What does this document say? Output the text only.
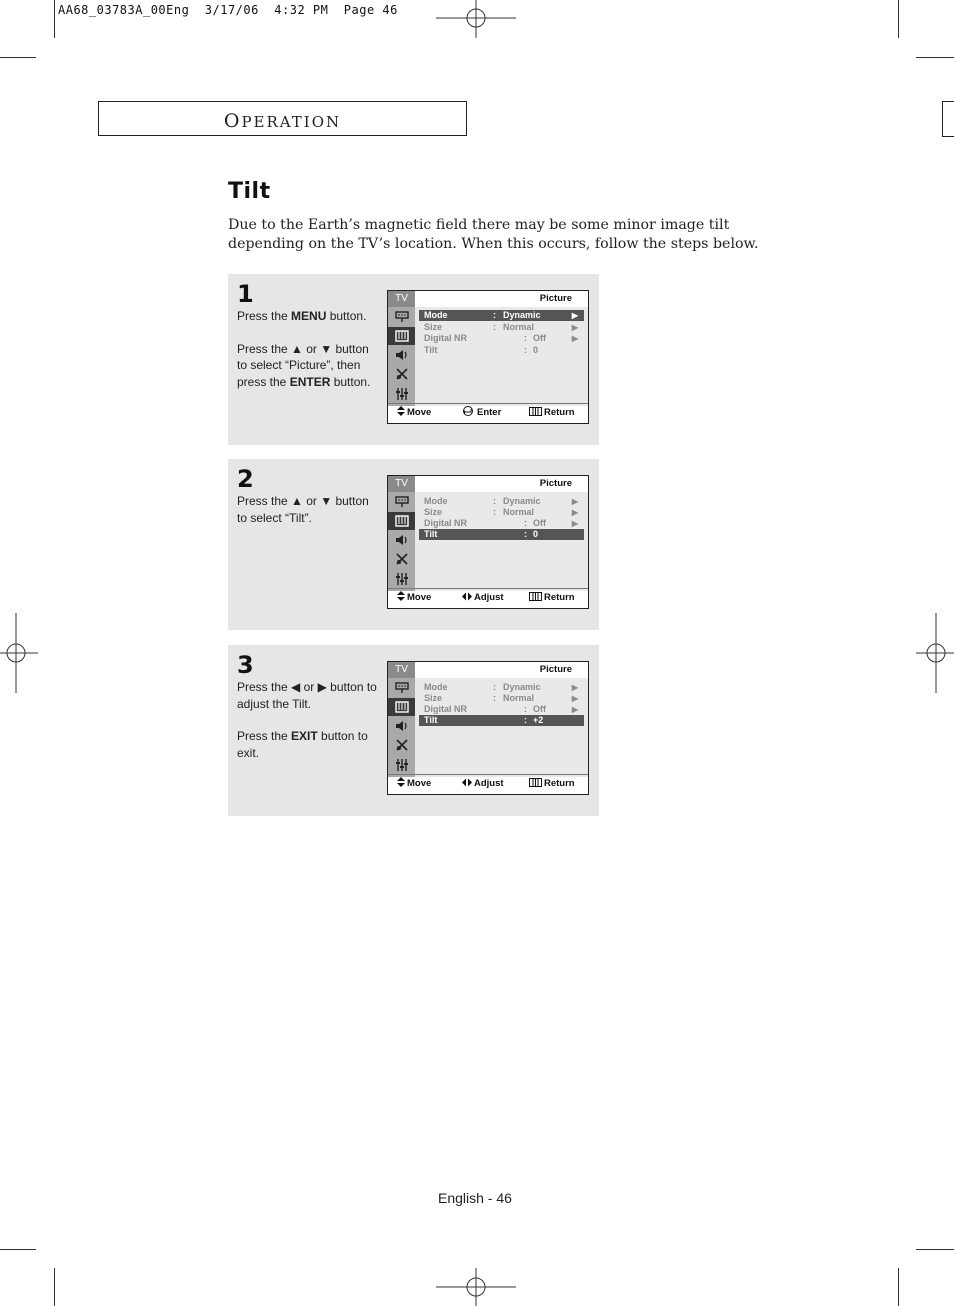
AA68_03783A_00Eng  3/17/06  4:32 PM  Page 46
OPERATION
Tilt
Due to the Earth’s magnetic field there may be some minor image tilt depending on the TV’s location. When this occurs, follow the steps below.
1

Press the MENU button.

Press the ▲ or ▼ button to select “Picture”, then press the ENTER button.

TV	Picture
Mode	: Dynamic	▶
Size	: Normal	▶
Digital NR	: Off	▶
Tilt	: 0
Move	Enter	Return
2

Press the ▲ or ▼ button to select “Tilt”.

TV	Picture
Mode	: Dynamic	▶
Size	: Normal	▶
Digital NR	: Off	▶
Tilt	: 0
Move	Adjust	Return
3

Press the ◀ or ▶ button to adjust the Tilt.

Press the EXIT button to exit.

TV	Picture
Mode	: Dynamic	▶
Size	: Normal	▶
Digital NR	: Off	▶
Tilt	: +2
Move	Adjust	Return
English - 46
